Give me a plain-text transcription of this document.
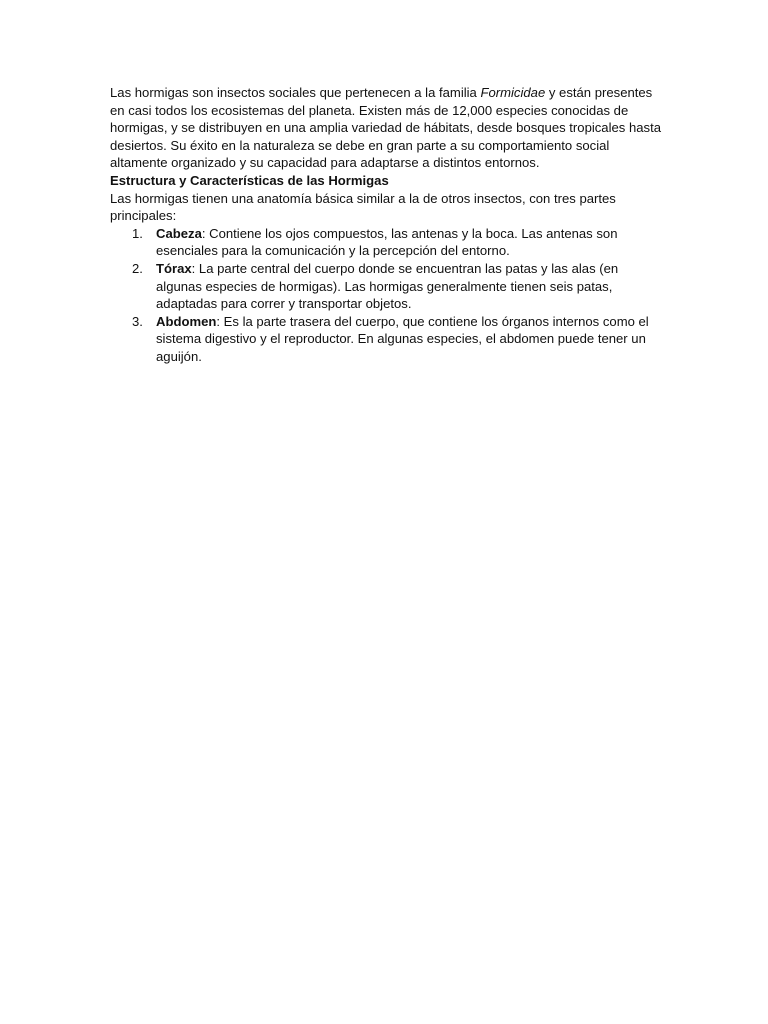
Las hormigas son insectos sociales que pertenecen a la familia Formicidae y están presentes en casi todos los ecosistemas del planeta. Existen más de 12,000 especies conocidas de hormigas, y se distribuyen en una amplia variedad de hábitats, desde bosques tropicales hasta desiertos. Su éxito en la naturaleza se debe en gran parte a su comportamiento social altamente organizado y su capacidad para adaptarse a distintos entornos.

Estructura y Características de las Hormigas

Las hormigas tienen una anatomía básica similar a la de otros insectos, con tres partes principales:

1. Cabeza: Contiene los ojos compuestos, las antenas y la boca. Las antenas son esenciales para la comunicación y la percepción del entorno.
2. Tórax: La parte central del cuerpo donde se encuentran las patas y las alas (en algunas especies de hormigas). Las hormigas generalmente tienen seis patas, adaptadas para correr y transportar objetos.
3. Abdomen: Es la parte trasera del cuerpo, que contiene los órganos internos como el sistema digestivo y el reproductor. En algunas especies, el abdomen puede tener un aguijón.
